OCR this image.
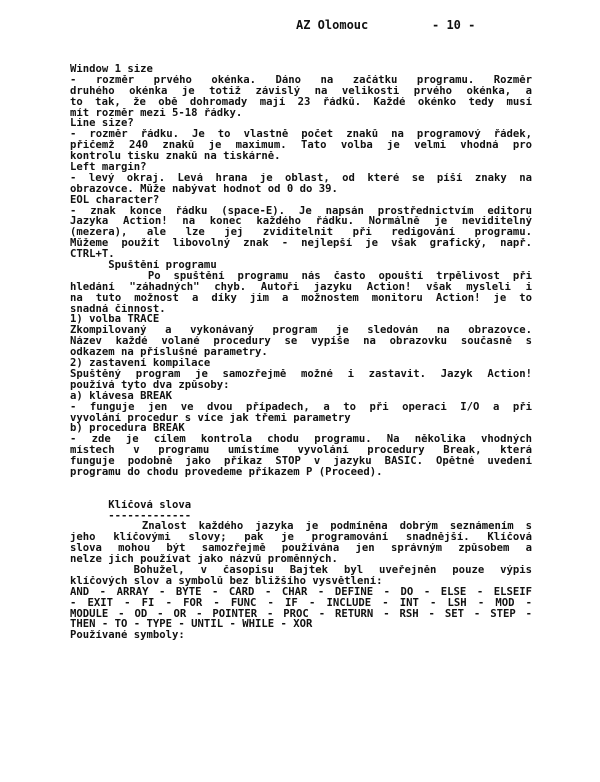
AZ Olomouc	- 10 -
Window 1 size
- rozměr prvého okénka. Dáno na začátku programu. Rozměr
druhého okénka je totiž závislý na velikosti prvého okénka, a
to tak, že obě dohromady mají 23 řádků. Každé okénko tedy musí
mít rozměr mezi 5-18 řádky.
Line size?
- rozměr řádku. Je to vlastně počet znaků na programový řádek,
přičemž 240 znaků je maximum. Tato volba je velmi vhodná pro
kontrolu tisku znaků na tiskárně.
Left margin?
- levý okraj. Levá hrana je oblast, od které se píší znaky na
obrazovce. Může nabývat hodnot od 0 do 39.
EOL character?
- znak konce řádku (space-E). Je napsán prostřednictvím editoru
Jazyka Action! na konec každého řádku. Normálně je neviditelný
(mezera), ale lze jej zviditelnit při redigování programu.
Můžeme použít libovolný znak - nejlepší je však grafický, např.
CTRL+T.
Spuštění programu
Po spuštění programu nás často opouští trpělivost při
hledání "záhadných" chyb. Autoři jazyku Action! však mysleli i
na tuto možnost a díky jim a možnostem monitoru Action! je to
snadná činnost.
1) volba TRACE
Zkompilovaný a vykonávaný program je sledován na obrazovce.
Název každé volané procedury se vypíše na obrazovku současně s
odkazem na příslušné parametry.
2) zastavení kompilace
Spuštěný program je samozřejmě možné i zastavit. Jazyk Action!
používá tyto dva způsoby:
a) klávesa BREAK
- funguje jen ve dvou případech, a to při operaci I/O a při
vyvolání procedur s více jak třemi parametry
b) procedura BREAK
- zde je cílem kontrola chodu programu. Na několika vhodných
místech v programu umístíme vyvolání procedury Break, která
funguje podobně jako příkaz STOP v jazyku BASIC. Opětné uvedení
programu do chodu provedeme příkazem P (Proceed).
Klíčová slova
-------------
Znalost každého jazyka je podmíněna dobrým seznámením s
jeho klíčovými slovy; pak je programování snadnější. Klíčová
slova mohou být samozřejmě používána jen správným způsobem a
nelze jich používat jako názvů proměnných.
Bohužel, v časopisu Bajtek byl uveřejněn pouze výpis
klíčových slov a symbolů bez bližšího vysvětlení:
AND - ARRAY - BYTE - CARD - CHAR - DEFINE - DO - ELSE - ELSEIF
- EXIT - FI - FOR - FUNC - IF - INCLUDE - INT - LSH - MOD -
MODULE - OD - OR - POINTER - PROC - RETURN - RSH - SET - STEP -
THEN - TO - TYPE - UNTIL - WHILE - XOR
Používané symboly:
